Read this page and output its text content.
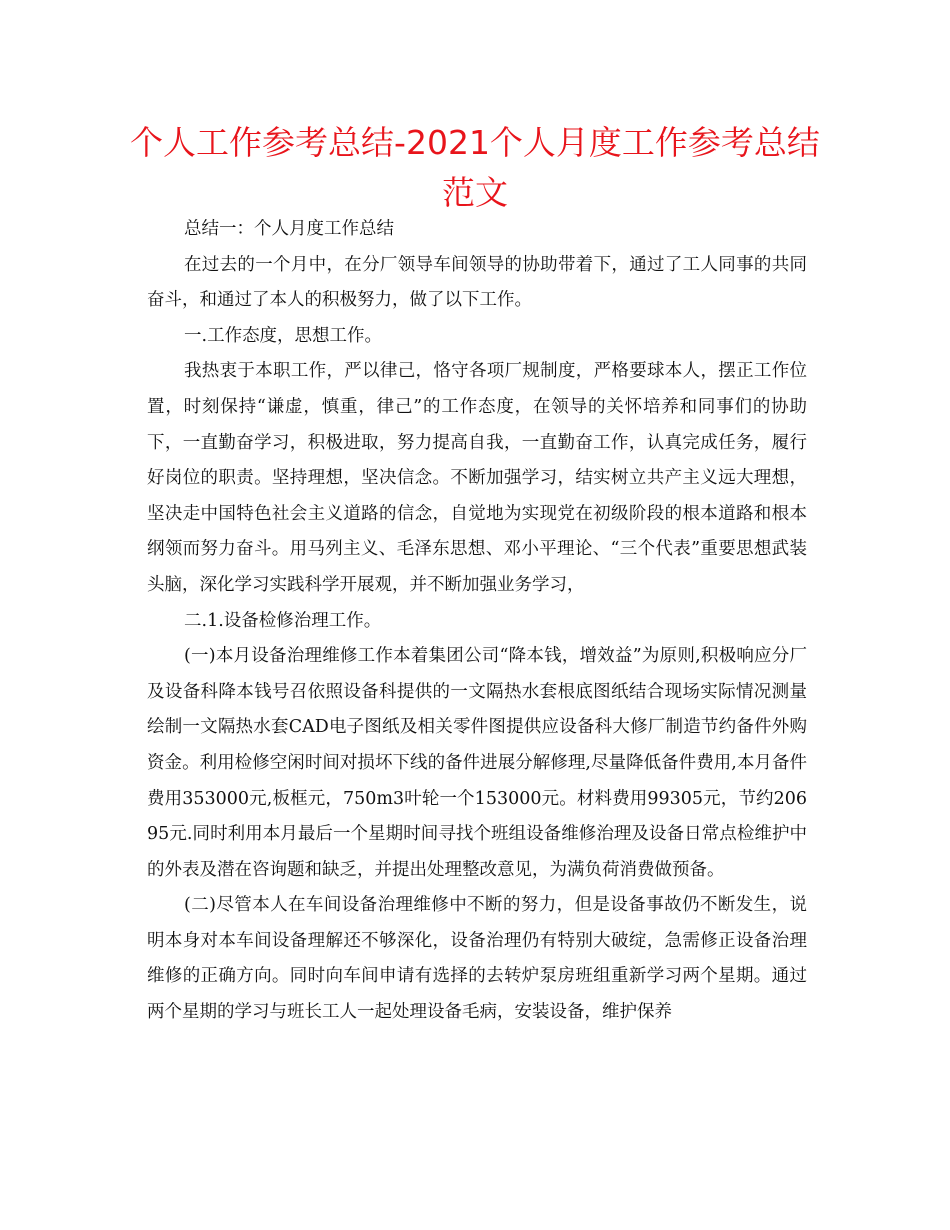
个人工作参考总结-2021个人月度工作参考总结范文

总结一：个人月度工作总结

在过去的一个月中，在分厂领导车间领导的协助带着下，通过了工人同事的共同奋斗，和通过了本人的积极努力，做了以下工作。

一.工作态度，思想工作。

我热衷于本职工作，严以律己，恪守各项厂规制度，严格要球本人，摆正工作位置，时刻保持“谦虚，慎重，律己”的工作态度，在领导的关怀培养和同事们的协助下，一直勤奋学习，积极进取，努力提高自我，一直勤奋工作，认真完成任务，履行好岗位的职责。坚持理想，坚决信念。不断加强学习，结实树立共产主义远大理想，坚决走中国特色社会主义道路的信念，自觉地为实现党在初级阶段的根本道路和根本纲领而努力奋斗。用马列主义、毛泽东思想、邓小平理论、“三个代表”重要思想武装头脑，深化学习实践科学开展观，并不断加强业务学习，

二.1.设备检修治理工作。

(一)本月设备治理维修工作本着集团公司“降本钱，增效益”为原则,积极响应分厂及设备科降本钱号召依照设备科提供的一文隔热水套根底图纸结合现场实际情况测量绘制一文隔热水套CAD电子图纸及相关零件图提供应设备科大修厂制造节约备件外购资金。利用检修空闲时间对损坏下线的备件进展分解修理,尽量降低备件费用,本月备件费用353000元,板框元，750m3叶轮一个153000元。材料费用99305元，节约20695元.同时利用本月最后一个星期时间寻找个班组设备维修治理及设备日常点检维护中的外表及潜在咨询题和缺乏，并提出处理整改意见，为满负荷消费做预备。

(二)尽管本人在车间设备治理维修中不断的努力，但是设备事故仍不断发生，说明本身对本车间设备理解还不够深化，设备治理仍有特别大破绽，急需修正设备治理维修的正确方向。同时向车间申请有选择的去转炉泵房班组重新学习两个星期。通过两个星期的学习与班长工人一起处理设备毛病，安装设备，维护保养
